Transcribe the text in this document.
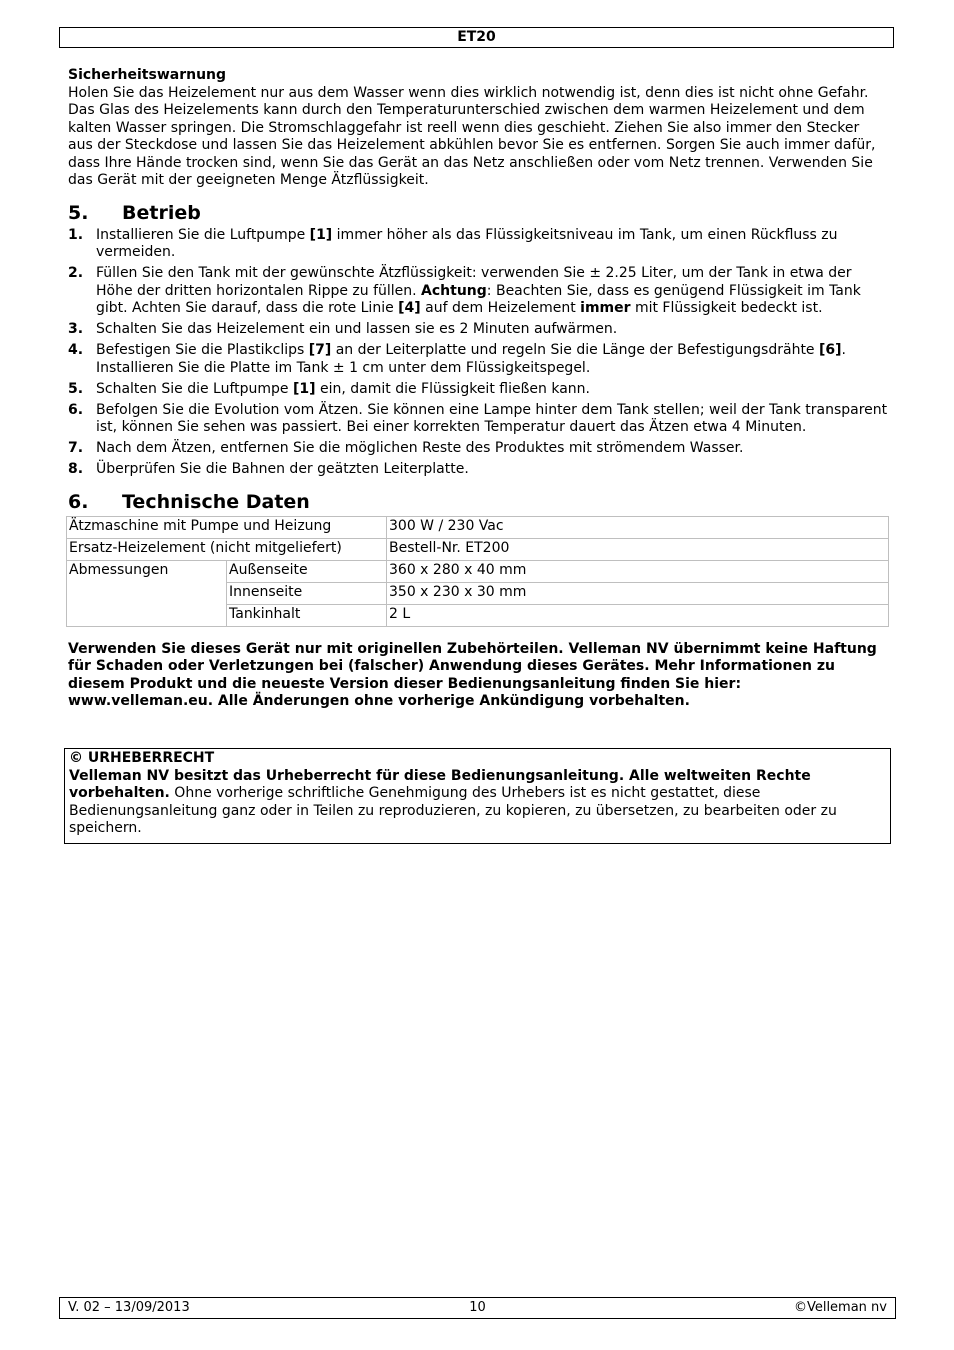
ET20

Sicherheitswarnung

Holen Sie das Heizelement nur aus dem Wasser wenn dies wirklich notwendig ist, denn dies ist nicht ohne Gefahr. Das Glas des Heizelements kann durch den Temperaturunterschied zwischen dem warmen Heizelement und dem kalten Wasser springen. Die Stromschlaggefahr ist reell wenn dies geschieht. Ziehen Sie also immer den Stecker aus der Steckdose und lassen Sie das Heizelement abkühlen bevor Sie es entfernen. Sorgen Sie auch immer dafür, dass Ihre Hände trocken sind, wenn Sie das Gerät an das Netz anschließen oder vom Netz trennen. Verwenden Sie das Gerät mit der geeigneten Menge Ätzflüssigkeit.

5. Betrieb
1. Installieren Sie die Luftpumpe [1] immer höher als das Flüssigkeitsniveau im Tank, um einen Rückfluss zu vermeiden.
2. Füllen Sie den Tank mit der gewünschte Ätzflüssigkeit: verwenden Sie ± 2.25 Liter, um der Tank in etwa der Höhe der dritten horizontalen Rippe zu füllen. Achtung: Beachten Sie, dass es genügend Flüssigkeit im Tank gibt. Achten Sie darauf, dass die rote Linie [4] auf dem Heizelement immer mit Flüssigkeit bedeckt ist.
3. Schalten Sie das Heizelement ein und lassen sie es 2 Minuten aufwärmen.
4. Befestigen Sie die Plastikclips [7] an der Leiterplatte und regeln Sie die Länge der Befestigungsdrähte [6]. Installieren Sie die Platte im Tank ± 1 cm unter dem Flüssigkeitspegel.
5. Schalten Sie die Luftpumpe [1] ein, damit die Flüssigkeit fließen kann.
6. Befolgen Sie die Evolution vom Ätzen. Sie können eine Lampe hinter dem Tank stellen; weil der Tank transparent ist, können Sie sehen was passiert. Bei einer korrekten Temperatur dauert das Ätzen etwa 4 Minuten.
7. Nach dem Ätzen, entfernen Sie die möglichen Reste des Produktes mit strömendem Wasser.
8. Überprüfen Sie die Bahnen der geätzten Leiterplatte.
6. Technische Daten
Ätzmaschine mit Pumpe und Heizung		300 W / 230 Vac
Ersatz-Heizelement (nicht mitgeliefert)		Bestell-Nr. ET200
Abmessungen	Außenseite	360 x 280 x 40 mm
	Innenseite	350 x 230 x 30 mm
	Tankinhalt	2 L

Verwenden Sie dieses Gerät nur mit originellen Zubehörteilen. Velleman NV übernimmt keine Haftung für Schaden oder Verletzungen bei (falscher) Anwendung dieses Gerätes. Mehr Informationen zu diesem Produkt und die neueste Version dieser Bedienungsanleitung finden Sie hier: www.velleman.eu. Alle Änderungen ohne vorherige Ankündigung vorbehalten.

© URHEBERRECHT

Velleman NV besitzt das Urheberrecht für diese Bedienungsanleitung. Alle weltweiten Rechte vorbehalten. Ohne vorherige schriftliche Genehmigung des Urhebers ist es nicht gestattet, diese Bedienungsanleitung ganz oder in Teilen zu reproduzieren, zu kopieren, zu übersetzen, zu bearbeiten oder zu speichern.

V. 02 – 13/09/2013	10	©Velleman nv
